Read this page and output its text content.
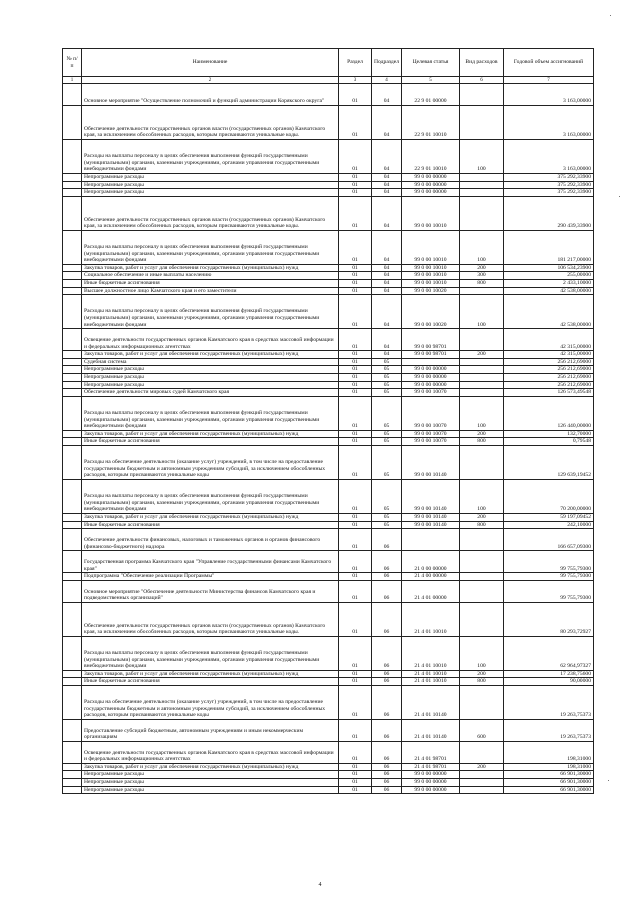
№ п/п	Наименование	Раздел	Подраздел	Целевая статья	Вид расходов	Годовой объем ассигнований
1	2	3	4	5	6	7
	Основное мероприятие "Осуществление полномочий и функций администрации Корякского округа"	01	04	22 9 01 00000		3 163,00000
	Обеспечение деятельности государственных органов власти (государственных органов) Камчатского края, за исключением обособленных расходов, которым присваиваются уникальные коды.	01	04	22 9 01 10010		3 163,00000
	Расходы на выплаты персоналу в целях обеспечения выполнения функций государственными (муниципальными) органами, казенными учреждениями, органами управления государственными внебюджетными фондами	01	04	22 9 01 10010	100	3 163,00000
	Непрограммные расходы	01	04	99 0 00 00000		375 292,33900
	Непрограммные расходы	01	04	99 0 00 00000		375 292,33900
	Непрограммные расходы	01	04	99 0 00 00000		375 292,33900
	Обеспечение деятельности государственных органов власти (государственных органов) Камчатского края, за исключением обособленных расходов, которым присваиваются уникальные коды.	01	04	99 0 00 10010		290 439,33900
	Расходы на выплаты персоналу в целях обеспечения выполнения функций государственными (муниципальными) органами, казенными учреждениями, органами управления государственными внебюджетными фондами	01	04	99 0 00 10010	100	181 217,00000
	Закупка товаров, работ и услуг для обеспечения государственных (муниципальных) нужд	01	04	99 0 00 10010	200	106 534,23900
	Социальное обеспечение и иные выплаты населению	01	04	99 0 00 10010	300	255,00000
	Иные бюджетные ассигнования	01	04	99 0 00 10010	800	2 433,10000
	Высшее должностное лицо Камчатского края и его заместители	01	04	99 0 00 10020		42 538,00000
	Расходы на выплаты персоналу в целях обеспечения выполнения функций государственными (муниципальными) органами, казенными учреждениями, органами управления государственными внебюджетными фондами	01	04	99 0 00 10020	100	42 538,00000
	Освещение деятельности государственных органов Камчатского края в средствах массовой информации и федеральных информационных агентствах	01	04	99 0 00 98701		42 315,00000
	Закупка товаров, работ и услуг для обеспечения государственных (муниципальных) нужд	01	04	99 0 00 98701	200	42 315,00000
	Судебная система	01	05			256 212,69000
	Непрограммные расходы	01	05	99 0 00 00000		256 212,69000
	Непрограммные расходы	01	05	99 0 00 00000		256 212,69000
	Непрограммные расходы	01	05	99 0 00 00000		256 212,69000
	Обеспечение деятельности мировых судей Камчатского края	01	05	99 0 00 10070		126 573,49548
	Расходы на выплаты персоналу в целях обеспечения выполнения функций государственными (муниципальными) органами, казенными учреждениями, органами управления государственными внебюджетными фондами	01	05	99 0 00 10070	100	126 440,00000
	Закупка товаров, работ и услуг для обеспечения государственных (муниципальных) нужд	01	05	99 0 00 10070	200	132,70000
	Иные бюджетные ассигнования	01	05	99 0 00 10070	800	0,79548
	Расходы на обеспечение деятельности (оказание услуг) учреждений, в том числе на предоставление государственным бюджетным и автономным учреждениям субсидий, за исключением обособленных расходов, которым присваиваются уникальные коды	01	05	99 0 00 10140		129 639,19452
	Расходы на выплаты персоналу в целях обеспечения выполнения функций государственными (муниципальными) органами, казенными учреждениями, органами управления государственными внебюджетными фондами	01	05	99 0 00 10140	100	70 200,00000
	Закупка товаров, работ и услуг для обеспечения государственных (муниципальных) нужд	01	05	99 0 00 10140	200	59 197,09452
	Иные бюджетные ассигнования	01	05	99 0 00 10140	800	242,10000
	Обеспечение деятельности финансовых, налоговых и таможенных органов и органов финансового (финансово-бюджетного) надзора	01	06			166 657,09300
	Государственная программа Камчатского края "Управление государственными финансами Камчатского края"	01	06	21 0 00 00000		99 755,79300
	Подпрограмма "Обеспечение реализации Программы"	01	06	21 4 00 00000		99 755,79300
	Основное мероприятие "Обеспечение деятельности Министерства финансов Камчатского края и подведомственных организаций"	01	06	21 4 01 00000		99 755,79300
	Обеспечение деятельности государственных органов власти (государственных органов) Камчатского края, за исключением обособленных расходов, которым присваиваются уникальные коды.	01	06	21 4 01 10010		80 293,72927
	Расходы на выплаты персоналу в целях обеспечения выполнения функций государственными (муниципальными) органами, казенными учреждениями, органами управления государственными внебюджетными фондами	01	06	21 4 01 10010	100	62 964,97327
	Закупка товаров, работ и услуг для обеспечения государственных (муниципальных) нужд	01	06	21 4 01 10010	200	17 238,75600
	Иные бюджетные ассигнования	01	06	21 4 01 10010	800	90,00000
	Расходы на обеспечение деятельности (оказание услуг) учреждений, в том числе на предоставление государственным бюджетным и автономным учреждениям субсидий, за исключением обособленных расходов, которым присваиваются уникальные коды	01	06	21 4 01 10140		19 263,75373
	Предоставление субсидий бюджетным, автономным учреждениям и иным некоммерческим организациям	01	06	21 4 01 10140	600	19 263,75373
	Освещение деятельности государственных органов Камчатского края в средствах массовой информации и федеральных информационных агентствах	01	06	21 4 01 98701		198,31000
	Закупка товаров, работ и услуг для обеспечения государственных (муниципальных) нужд	01	06	21 4 01 98701	200	198,31000
	Непрограммные расходы	01	06	99 0 00 00000		66 901,30000
	Непрограммные расходы	01	06	99 0 00 00000		66 901,30000
	Непрограммные расходы	01	06	99 0 00 00000		66 901,30000
4
